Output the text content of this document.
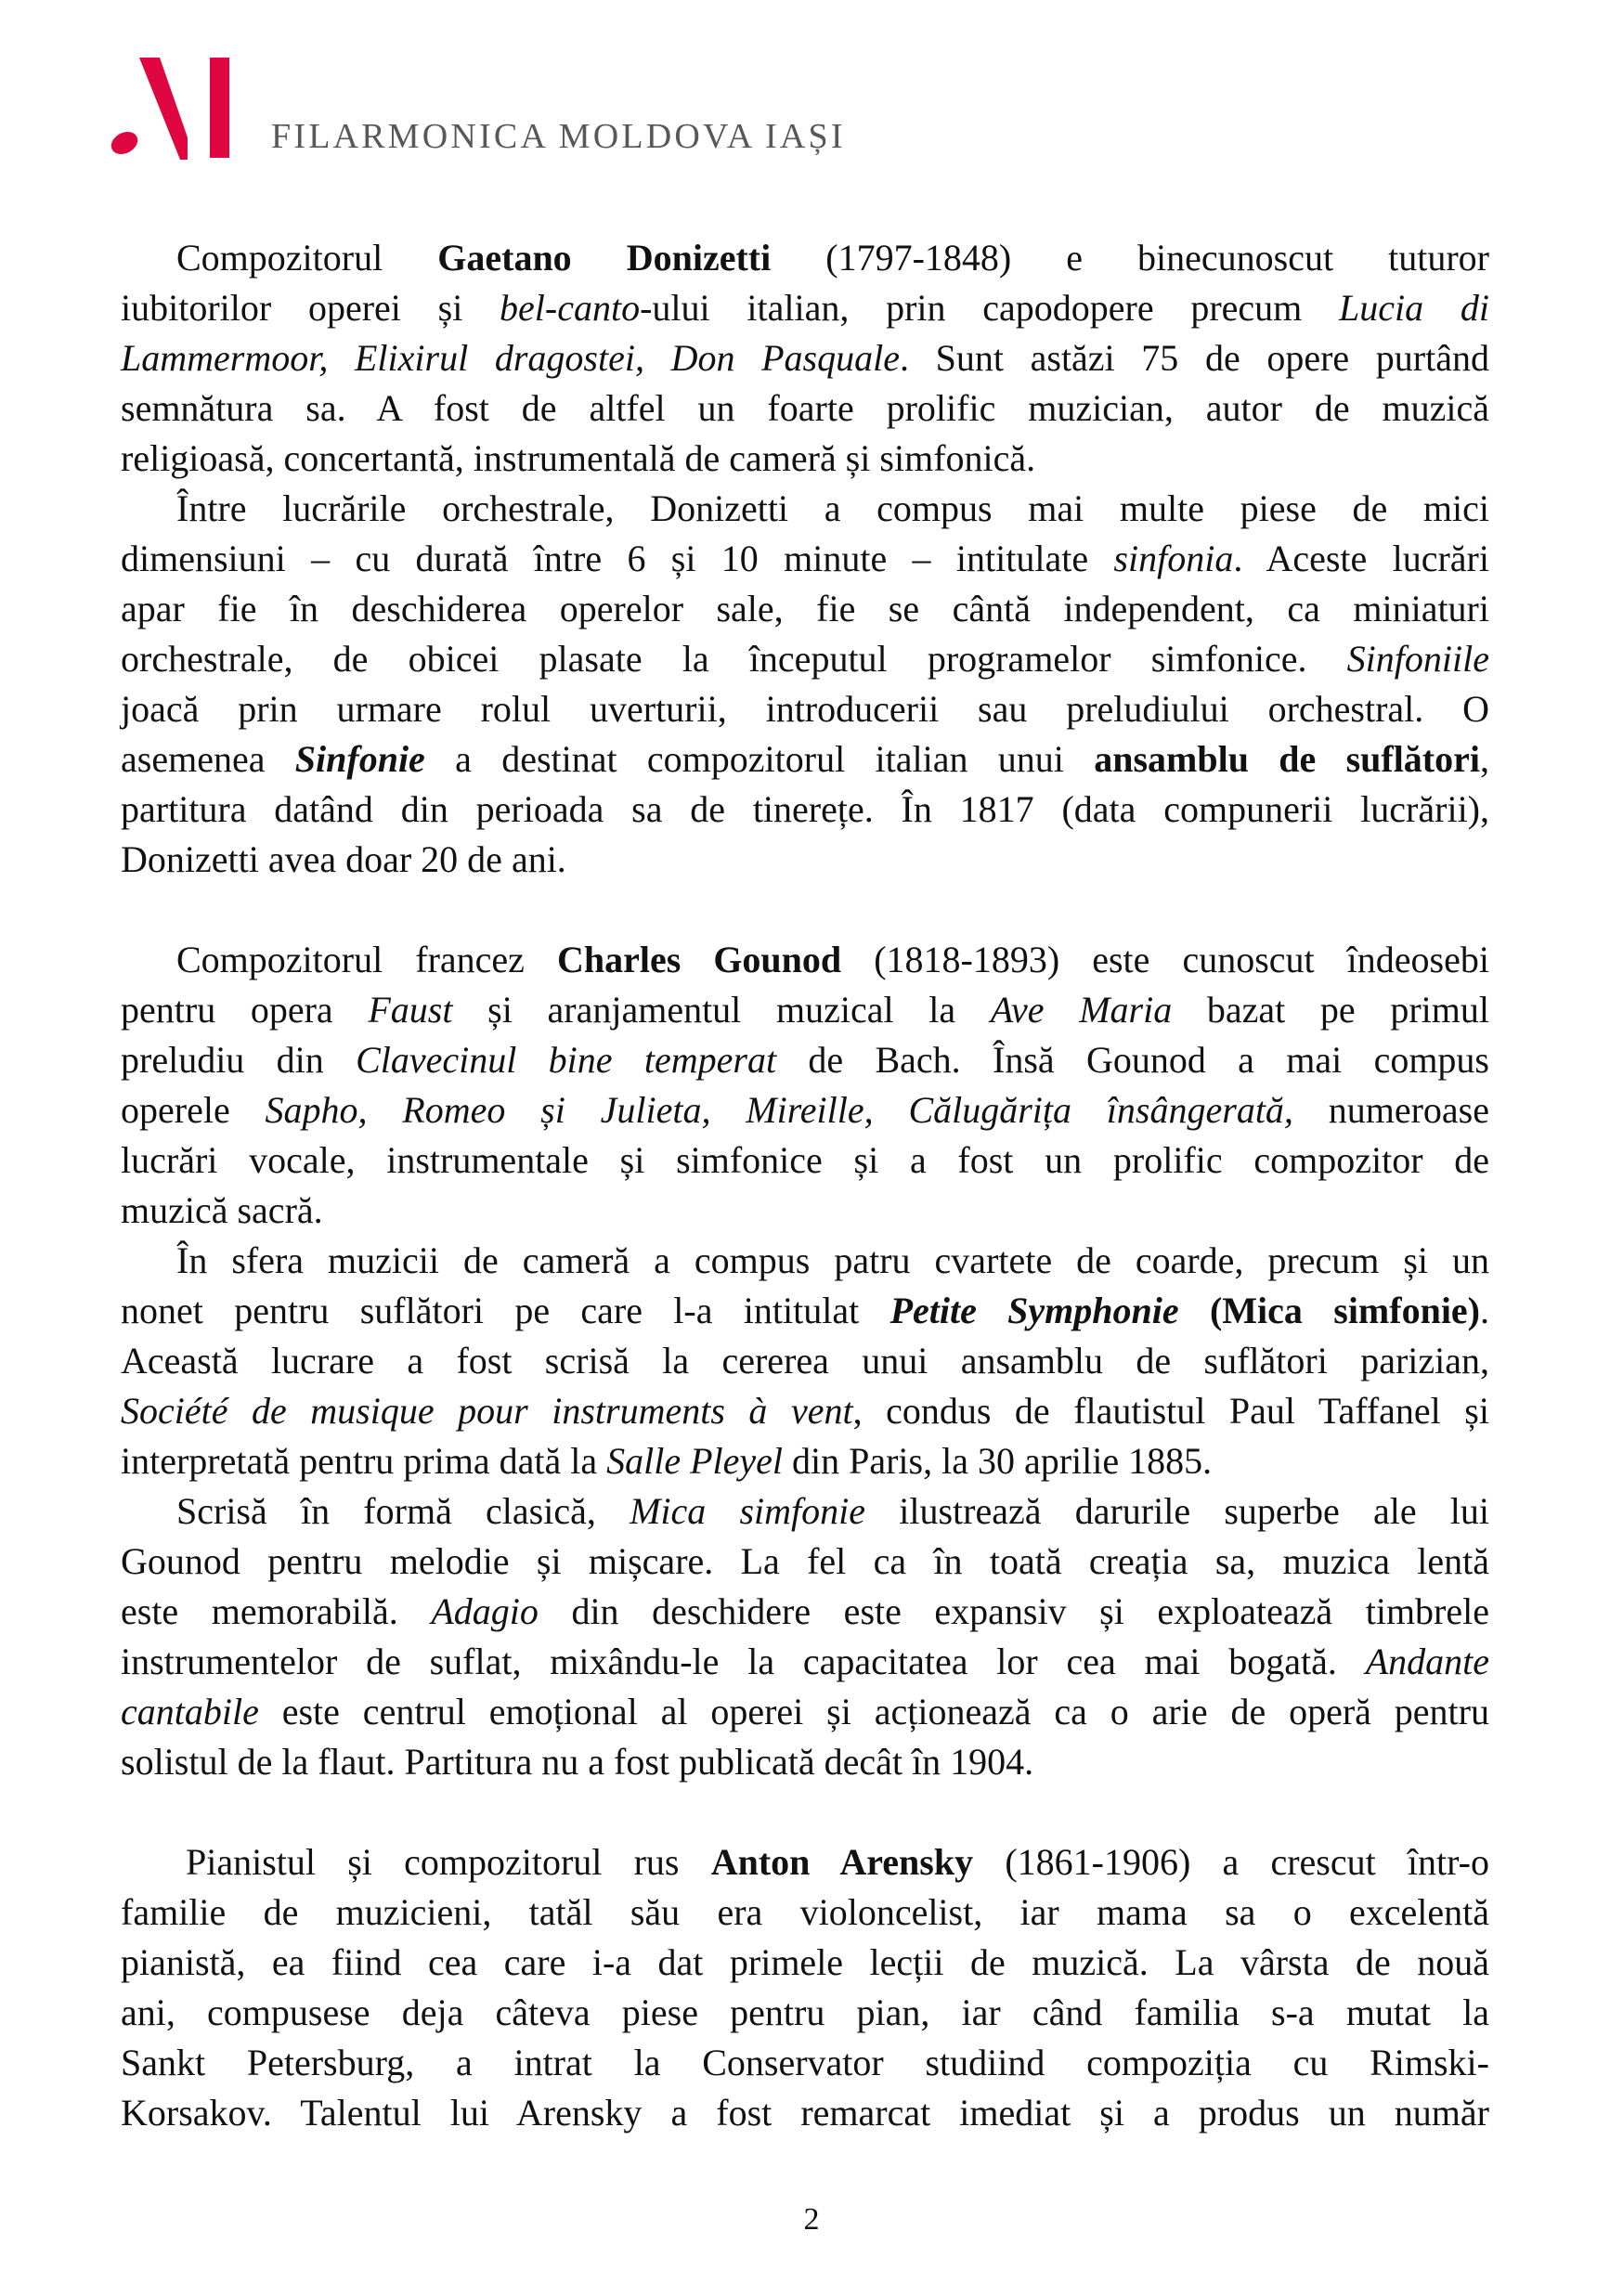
FILARMONICA MOLDOVA IAȘI
Compozitorul Gaetano Donizetti (1797-1848) e binecunoscut tuturor
iubitorilor operei și bel-canto-ului italian, prin capodopere precum Lucia di
Lammermoor, Elixirul dragostei, Don Pasquale. Sunt astăzi 75 de opere purtând
semnătura sa. A fost de altfel un foarte prolific muzician, autor de muzică
religioasă, concertantă, instrumentală de cameră și simfonică.
Între lucrările orchestrale, Donizetti a compus mai multe piese de mici
dimensiuni – cu durată între 6 și 10 minute – intitulate sinfonia. Aceste lucrări
apar fie în deschiderea operelor sale, fie se cântă independent, ca miniaturi
orchestrale, de obicei plasate la începutul programelor simfonice. Sinfoniile
joacă prin urmare rolul uverturii, introducerii sau preludiului orchestral. O
asemenea Sinfonie a destinat compozitorul italian unui ansamblu de suflători,
partitura datând din perioada sa de tinerețe. În 1817 (data compunerii lucrării),
Donizetti avea doar 20 de ani.
Compozitorul francez Charles Gounod (1818-1893) este cunoscut îndeosebi
pentru opera Faust și aranjamentul muzical la Ave Maria bazat pe primul
preludiu din Clavecinul bine temperat de Bach. Însă Gounod a mai compus
operele Sapho, Romeo și Julieta, Mireille, Călugărița însângerată, numeroase
lucrări vocale, instrumentale și simfonice și a fost un prolific compozitor de
muzică sacră.
În sfera muzicii de cameră a compus patru cvartete de coarde, precum și un
nonet pentru suflători pe care l-a intitulat Petite Symphonie (Mica simfonie).
Această lucrare a fost scrisă la cererea unui ansamblu de suflători parizian,
Société de musique pour instruments à vent, condus de flautistul Paul Taffanel și
interpretată pentru prima dată la Salle Pleyel din Paris, la 30 aprilie 1885.
Scrisă în formă clasică, Mica simfonie ilustrează darurile superbe ale lui
Gounod pentru melodie și mișcare. La fel ca în toată creația sa, muzica lentă
este memorabilă. Adagio din deschidere este expansiv și exploatează timbrele
instrumentelor de suflat, mixându-le la capacitatea lor cea mai bogată. Andante
cantabile este centrul emoțional al operei și acționează ca o arie de operă pentru
solistul de la flaut. Partitura nu a fost publicată decât în 1904.
Pianistul și compozitorul rus Anton Arensky (1861-1906) a crescut într-o
familie de muzicieni, tatăl său era violoncelist, iar mama sa o excelentă
pianistă, ea fiind cea care i-a dat primele lecții de muzică. La vârsta de nouă
ani, compusese deja câteva piese pentru pian, iar când familia s-a mutat la
Sankt Petersburg, a intrat la Conservator studiind compoziția cu Rimski-
Korsakov. Talentul lui Arensky a fost remarcat imediat și a produs un număr
2
